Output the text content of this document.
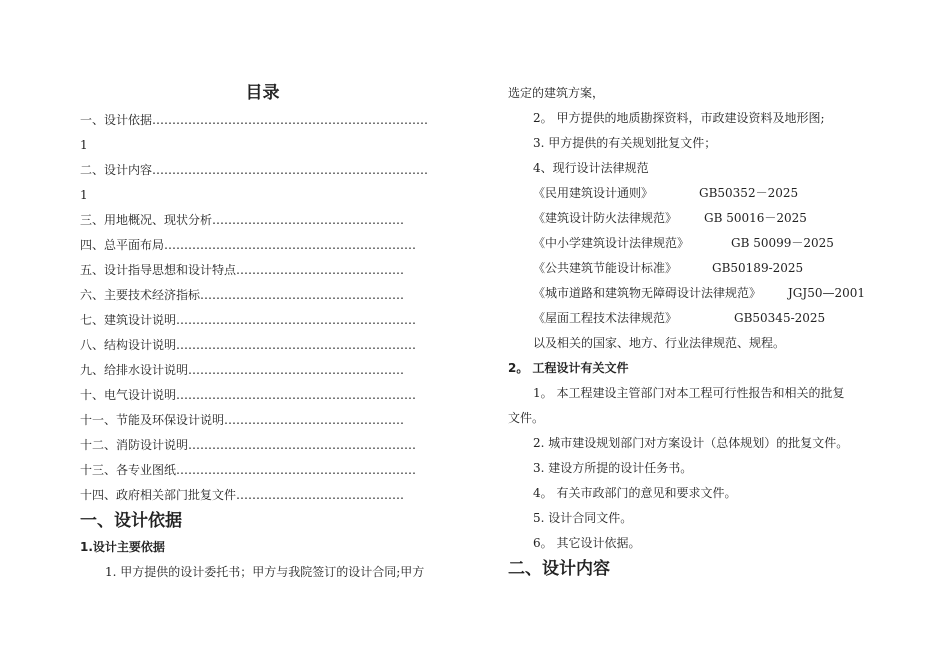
目录
一、设计依据……………………………………………………………
1
二、设计内容……………………………………………………………
1
三、用地概况、现状分析…………………………………………
四、总平面布局………………………………………………………
五、设计指导思想和设计特点……………………………………
六、主要技术经济指标……………………………………………
七、建筑设计说明……………………………………………………
八、结构设计说明……………………………………………………
九、给排水设计说明………………………………………………
十、电气设计说明……………………………………………………
十一、节能及环保设计说明………………………………………
十二、消防设计说明…………………………………………………
十三、各专业图纸……………………………………………………
十四、政府相关部门批复文件……………………………………
一、设计依据
1.设计主要依据
1. 甲方提供的设计委托书；甲方与我院签订的设计合同;甲方
选定的建筑方案，
2。 甲方提供的地质勘探资料，市政建设资料及地形图;
3. 甲方提供的有关规划批复文件；
4、现行设计法律规范
《民用建筑设计通则》	GB50352－2025
《建筑设计防火法律规范》 GB 50016－2025
《中小学建筑设计法律规范》	GB 50099－2025
《公共建筑节能设计标准》	GB50189-2025
《城市道路和建筑物无障碍设计法律规范》 JGJ50—2001
《屋面工程技术法律规范》	GB50345-2025
以及相关的国家、地方、行业法律规范、规程。
2。 工程设计有关文件
1。 本工程建设主管部门对本工程可行性报告和相关的批复
文件。
2. 城市建设规划部门对方案设计（总体规划）的批复文件。
3. 建设方所提的设计任务书。
4。 有关市政部门的意见和要求文件。
5. 设计合同文件。
6。 其它设计依据。
二、设计内容
